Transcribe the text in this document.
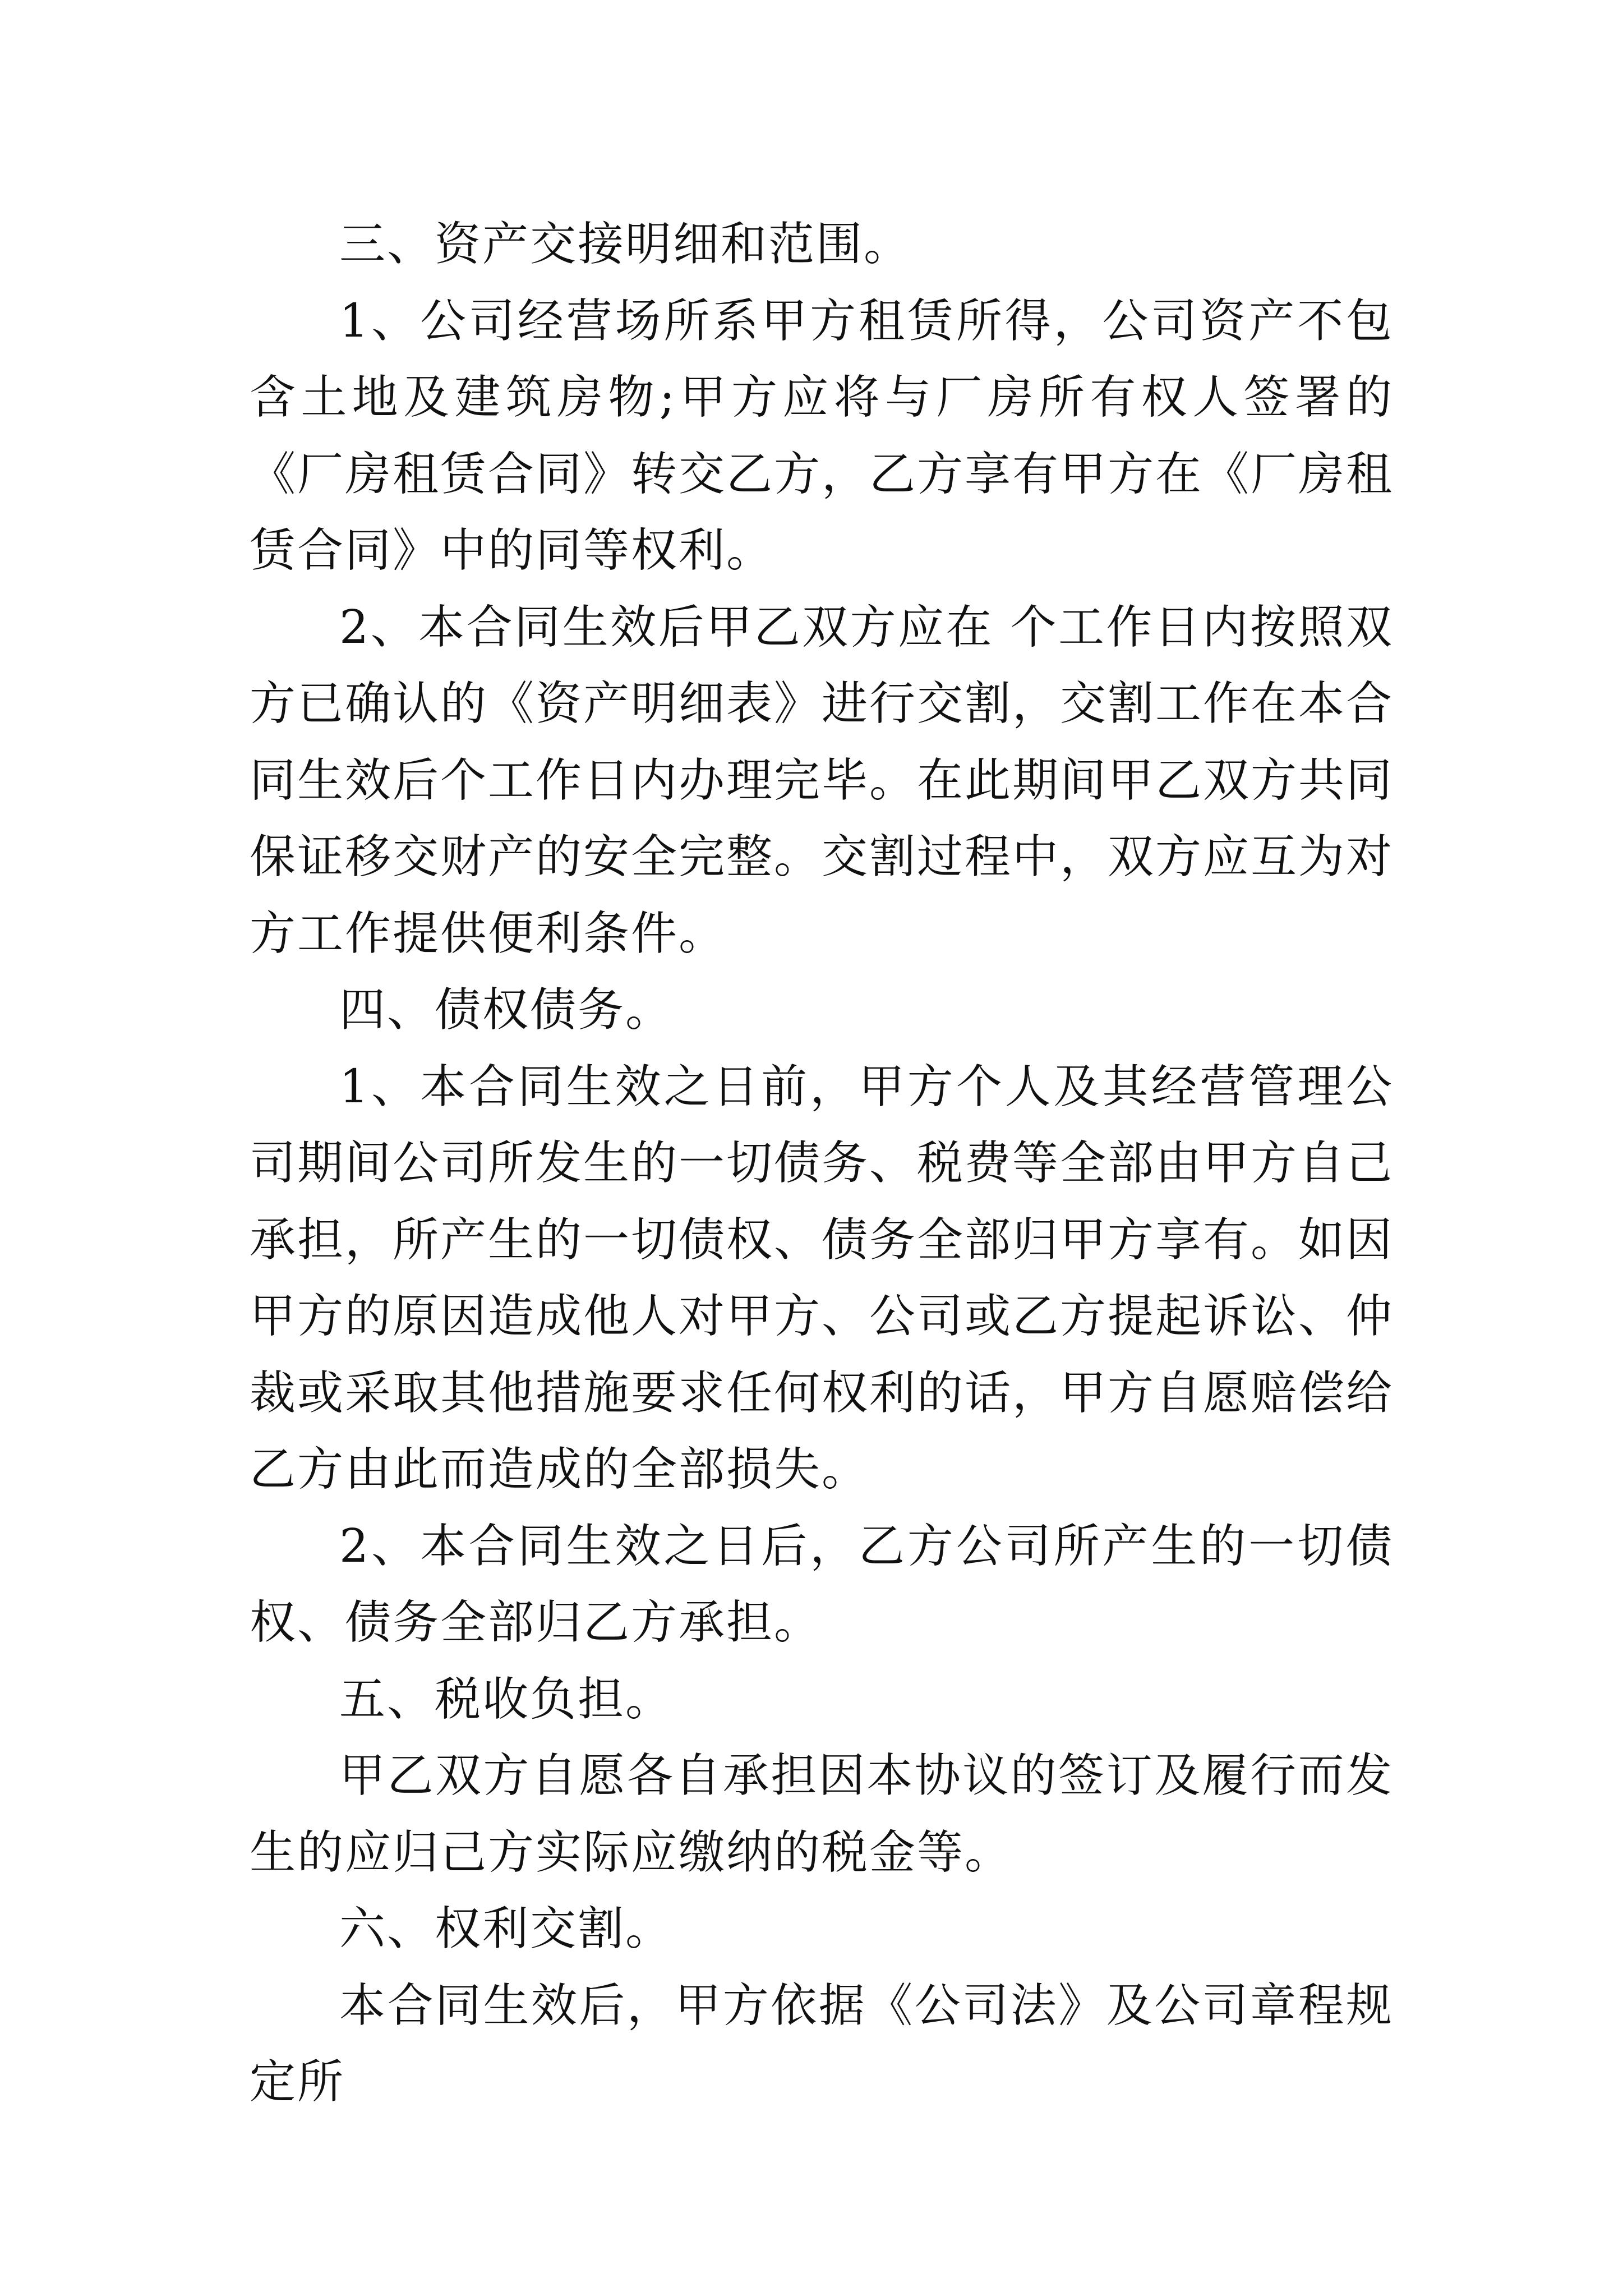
三、资产交接明细和范围。

1、公司经营场所系甲方租赁所得，公司资产不包含土地及建筑房物;甲方应将与厂房所有权人签署的《厂房租赁合同》转交乙方，乙方享有甲方在《厂房租赁合同》中的同等权利。

2、本合同生效后甲乙双方应在 个工作日内按照双方已确认的《资产明细表》进行交割，交割工作在本合同生效后个工作日内办理完毕。在此期间甲乙双方共同保证移交财产的安全完整。交割过程中，双方应互为对方工作提供便利条件。

四、债权债务。

1、本合同生效之日前，甲方个人及其经营管理公司期间公司所发生的一切债务、税费等全部由甲方自己承担，所产生的一切债权、债务全部归甲方享有。如因甲方的原因造成他人对甲方、公司或乙方提起诉讼、仲裁或采取其他措施要求任何权利的话，甲方自愿赔偿给乙方由此而造成的全部损失。

2、本合同生效之日后，乙方公司所产生的一切债权、债务全部归乙方承担。

五、税收负担。

甲乙双方自愿各自承担因本协议的签订及履行而发生的应归己方实际应缴纳的税金等。

六、权利交割。

本合同生效后，甲方依据《公司法》及公司章程规定所
